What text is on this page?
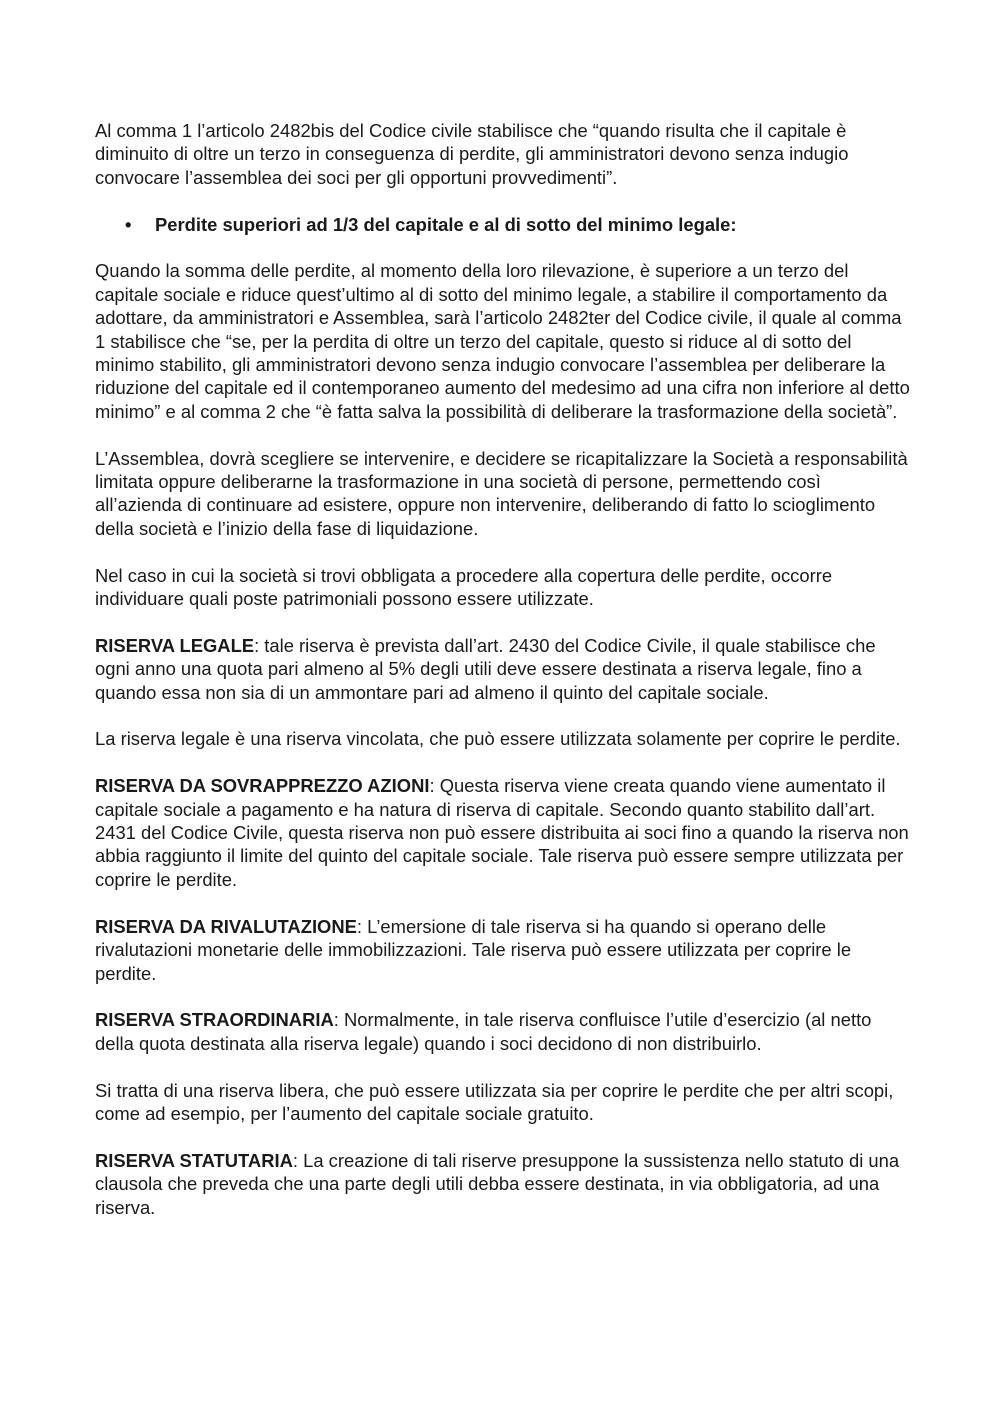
Al comma 1 l’articolo 2482bis del Codice civile stabilisce che “quando risulta che il capitale è diminuito di oltre un terzo in conseguenza di perdite, gli amministratori devono senza indugio convocare l’assemblea dei soci per gli opportuni provvedimenti”.

•	Perdite superiori ad 1/3 del capitale e al di sotto del minimo legale:

Quando la somma delle perdite, al momento della loro rilevazione, è superiore a un terzo del capitale sociale e riduce quest’ultimo al di sotto del minimo legale, a stabilire il comportamento da adottare, da amministratori e Assemblea, sarà l’articolo 2482ter del Codice civile, il quale al comma 1 stabilisce che “se, per la perdita di oltre un terzo del capitale, questo si riduce al di sotto del minimo stabilito, gli amministratori devono senza indugio convocare l’assemblea per deliberare la riduzione del capitale ed il contemporaneo aumento del medesimo ad una cifra non inferiore al detto minimo” e al comma 2 che “è fatta salva la possibilità di deliberare la trasformazione della società”.

L’Assemblea, dovrà scegliere se intervenire, e decidere se ricapitalizzare la Società a responsabilità limitata oppure deliberarne la trasformazione in una società di persone, permettendo così all’azienda di continuare ad esistere, oppure non intervenire, deliberando di fatto lo scioglimento della società e l’inizio della fase di liquidazione.

Nel caso in cui la società si trovi obbligata a procedere alla copertura delle perdite, occorre individuare quali poste patrimoniali possono essere utilizzate.

RISERVA LEGALE: tale riserva è prevista dall’art. 2430 del Codice Civile, il quale stabilisce che ogni anno una quota pari almeno al 5% degli utili deve essere destinata a riserva legale, fino a quando essa non sia di un ammontare pari ad almeno il quinto del capitale sociale.

La riserva legale è una riserva vincolata, che può essere utilizzata solamente per coprire le perdite.

RISERVA DA SOVRAPPREZZO AZIONI: Questa riserva viene creata quando viene aumentato il capitale sociale a pagamento e ha natura di riserva di capitale. Secondo quanto stabilito dall’art. 2431 del Codice Civile, questa riserva non può essere distribuita ai soci fino a quando la riserva non abbia raggiunto il limite del quinto del capitale sociale. Tale riserva può essere sempre utilizzata per coprire le perdite.

RISERVA DA RIVALUTAZIONE: L’emersione di tale riserva si ha quando si operano delle rivalutazioni monetarie delle immobilizzazioni. Tale riserva può essere utilizzata per coprire le perdite.

RISERVA STRAORDINARIA: Normalmente, in tale riserva confluisce l’utile d’esercizio (al netto della quota destinata alla riserva legale) quando i soci decidono di non distribuirlo.

Si tratta di una riserva libera, che può essere utilizzata sia per coprire le perdite che per altri scopi, come ad esempio, per l’aumento del capitale sociale gratuito.

RISERVA STATUTARIA: La creazione di tali riserve presuppone la sussistenza nello statuto di una clausola che preveda che una parte degli utili debba essere destinata, in via obbligatoria, ad una riserva.
